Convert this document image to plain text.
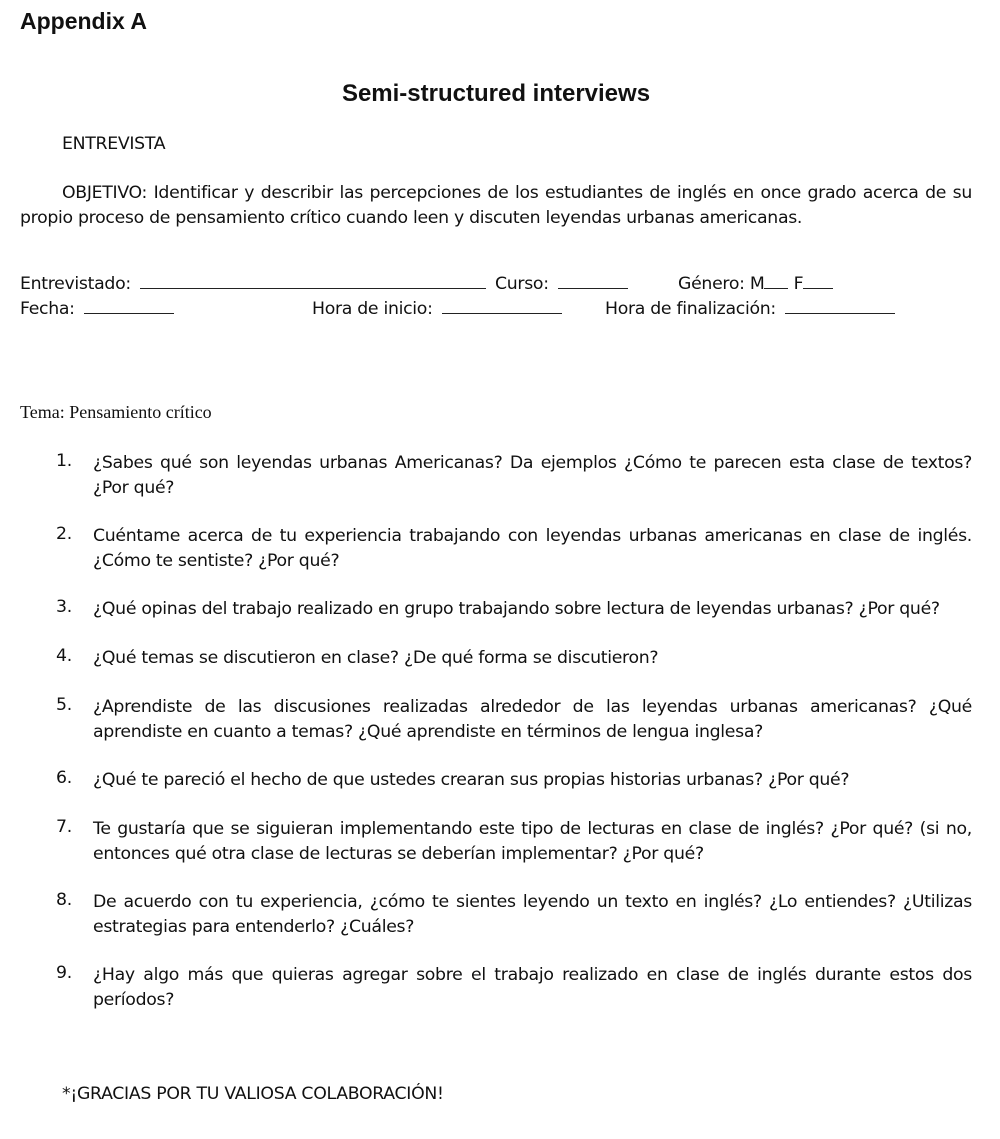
Appendix A
Semi-structured interviews
ENTREVISTA
OBJETIVO: Identificar y describir las percepciones de los estudiantes de inglés en once grado acerca de su propio proceso de pensamiento crítico cuando leen y discuten leyendas urbanas americanas.
Entrevistado:	Curso:	Género: M F
Fecha:	Hora de inicio:	Hora de finalización:
Tema: Pensamiento crítico
1.	¿Sabes qué son leyendas urbanas Americanas? Da ejemplos ¿Cómo te parecen esta clase de textos? ¿Por qué?
2.	Cuéntame acerca de tu experiencia trabajando con leyendas urbanas americanas en clase de inglés. ¿Cómo te sentiste? ¿Por qué?
3.	¿Qué opinas del trabajo realizado en grupo trabajando sobre lectura de leyendas urbanas? ¿Por qué?
4.	¿Qué temas se discutieron en clase? ¿De qué forma se discutieron?
5.	¿Aprendiste de las discusiones realizadas alrededor de las leyendas urbanas americanas? ¿Qué aprendiste en cuanto a temas? ¿Qué aprendiste en términos de lengua inglesa?
6.	¿Qué te pareció el hecho de que ustedes crearan sus propias historias urbanas? ¿Por qué?
7.	Te gustaría que se siguieran implementando este tipo de lecturas en clase de inglés? ¿Por qué? (si no, entonces qué otra clase de lecturas se deberían implementar? ¿Por qué?
8.	De acuerdo con tu experiencia, ¿cómo te sientes leyendo un texto en inglés? ¿Lo entiendes? ¿Utilizas estrategias para entenderlo? ¿Cuáles?
9.	¿Hay algo más que quieras agregar sobre el trabajo realizado en clase de inglés durante estos dos períodos?
*¡GRACIAS POR TU VALIOSA COLABORACIÓN!
